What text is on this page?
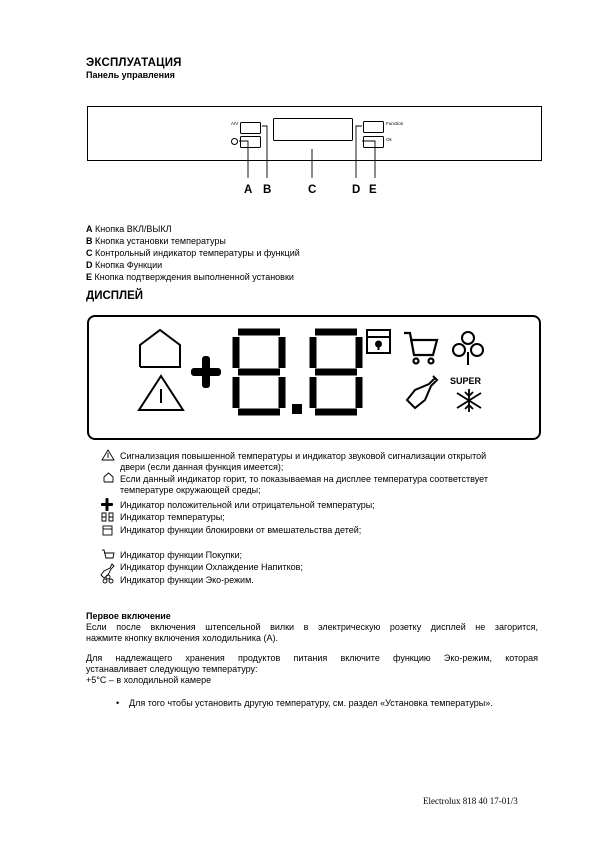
ЭКСПЛУАТАЦИЯ
Панель управления
A/V	Function
Ok
A B	C	D E
A Кнопка ВКЛ/ВЫКЛ
B Кнопка установки температуры
C Контрольный индикатор температуры и функций
D Кнопка Функции
E Кнопка подтверждения выполненной установки
ДИСПЛЕЙ
SUPER
Сигнализация повышенной температуры и индикатор звуковой сигнализации открытой
двери (если данная функция имеется);
Если данный индикатор горит, то показываемая на дисплее температура соответствует
температуре окружающей среды;
Индикатор положительной или отрицательной температуры;
Индикатор температуры;
Индикатор функции блокировки от вмешательства детей;
Индикатор функции Покупки;
Индикатор функции Охлаждение Напитков;
Индикатор функции Эко-режим.
Первое включение
Если после включения штепсельной вилки в электрическую розетку дисплей не загорится,
нажмите кнопку включения холодильника (А).
Для надлежащего хранения продуктов питания включите функцию Эко-режим, которая
устанавливает следующую температуру:
+5°C – в холодильной камере
• Для того чтобы установить другую температуру, см. раздел «Установка температуры».
Electrolux 818 40 17-01/3
